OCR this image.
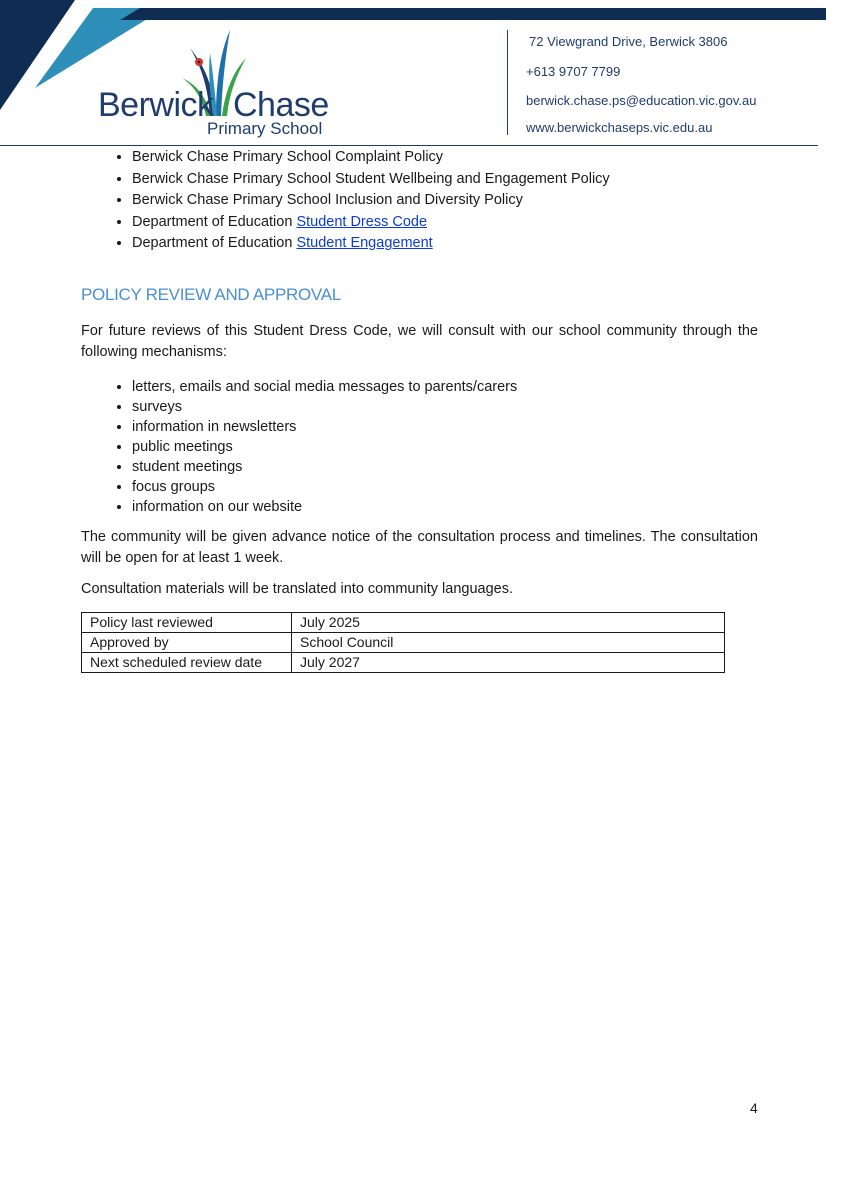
Berwick Chase
Primary School
72 Viewgrand Drive, Berwick 3806
+613 9707 7799
berwick.chase.ps@education.vic.gov.au
www.berwickchaseps.vic.edu.au
• Berwick Chase Primary School Complaint Policy
• Berwick Chase Primary School Student Wellbeing and Engagement Policy
• Berwick Chase Primary School Inclusion and Diversity Policy
• Department of Education Student Dress Code
• Department of Education Student Engagement
POLICY REVIEW AND APPROVAL

For future reviews of this Student Dress Code, we will consult with our school community through the following mechanisms:

• letters, emails and social media messages to parents/carers
• surveys
• information in newsletters
• public meetings
• student meetings
• focus groups
• information on our website

The community will be given advance notice of the consultation process and timelines. The consultation will be open for at least 1 week.

Consultation materials will be translated into community languages.

Policy last reviewed	July 2025
Approved by	School Council
Next scheduled review date	July 2027
4
